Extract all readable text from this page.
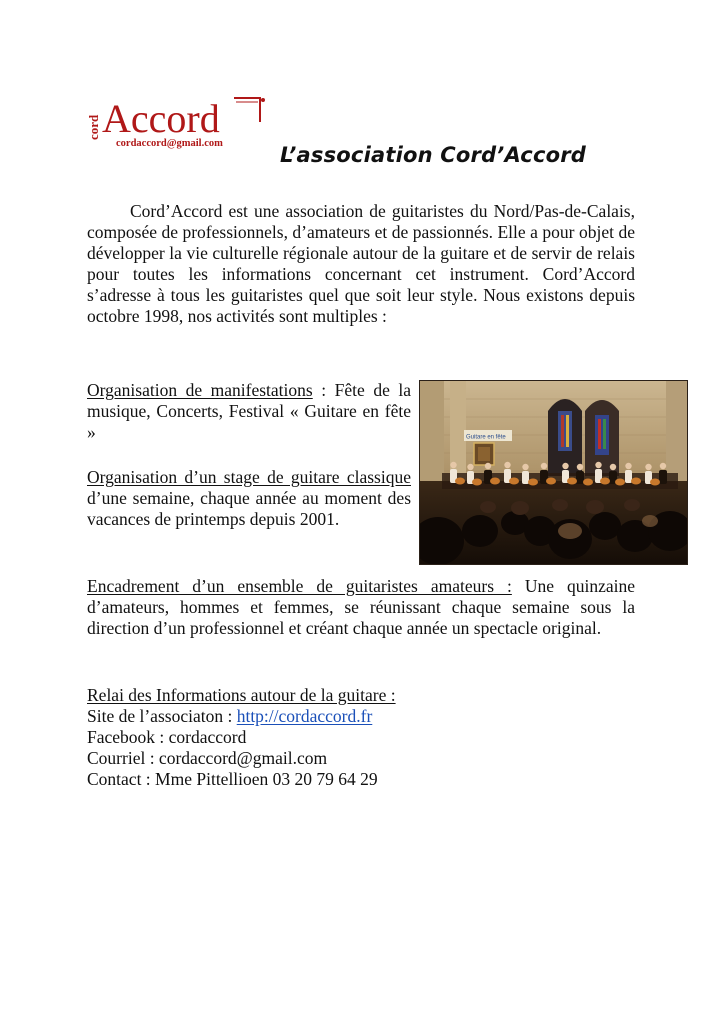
cord Accord
cordaccord@gmail.com	L’association Cord’Accord

Cord’Accord est une association de guitaristes du Nord/Pas-de-Calais, composée de professionnels, d’amateurs et de passionnés. Elle a pour objet de développer la vie culturelle régionale autour de la guitare et de servir de relais pour toutes les informations concernant cet instrument. Cord’Accord s’adresse à tous les guitaristes quel que soit leur style. Nous existons depuis octobre 1998, nos activités sont multiples :

Organisation de manifestations : Fête de la musique, Concerts, Festival « Guitare en fête »

Organisation d’un stage de guitare classique d’une semaine, chaque année au moment des vacances de printemps depuis 2001.

Guitare en fête

Encadrement d’un ensemble de guitaristes amateurs : Une quinzaine d’amateurs, hommes et femmes, se réunissant chaque semaine sous la direction d’un professionnel et créant chaque année un spectacle original.

Relai des Informations autour de la guitare :
Site de l’associaton : http://cordaccord.fr
Facebook : cordaccord
Courriel : cordaccord@gmail.com
Contact : Mme Pittellioen 03 20 79 64 29
